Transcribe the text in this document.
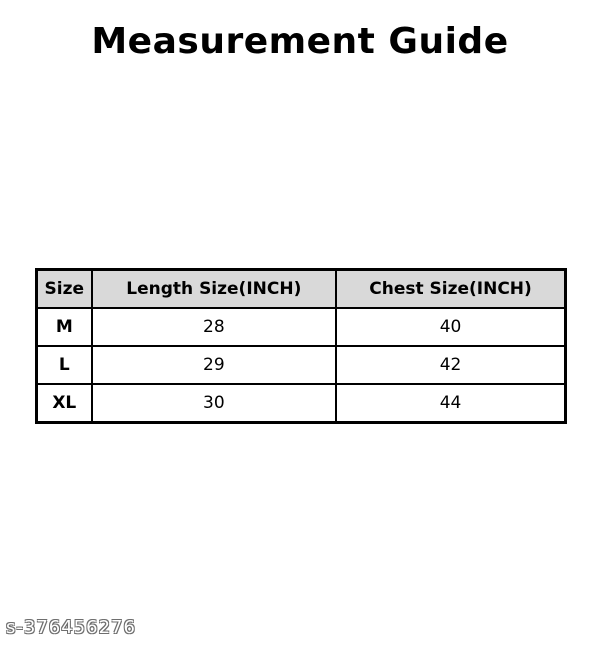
Measurement Guide
Size	Length Size(INCH)	Chest Size(INCH)
M	28	40
L	29	42
XL	30	44
s-376456276
